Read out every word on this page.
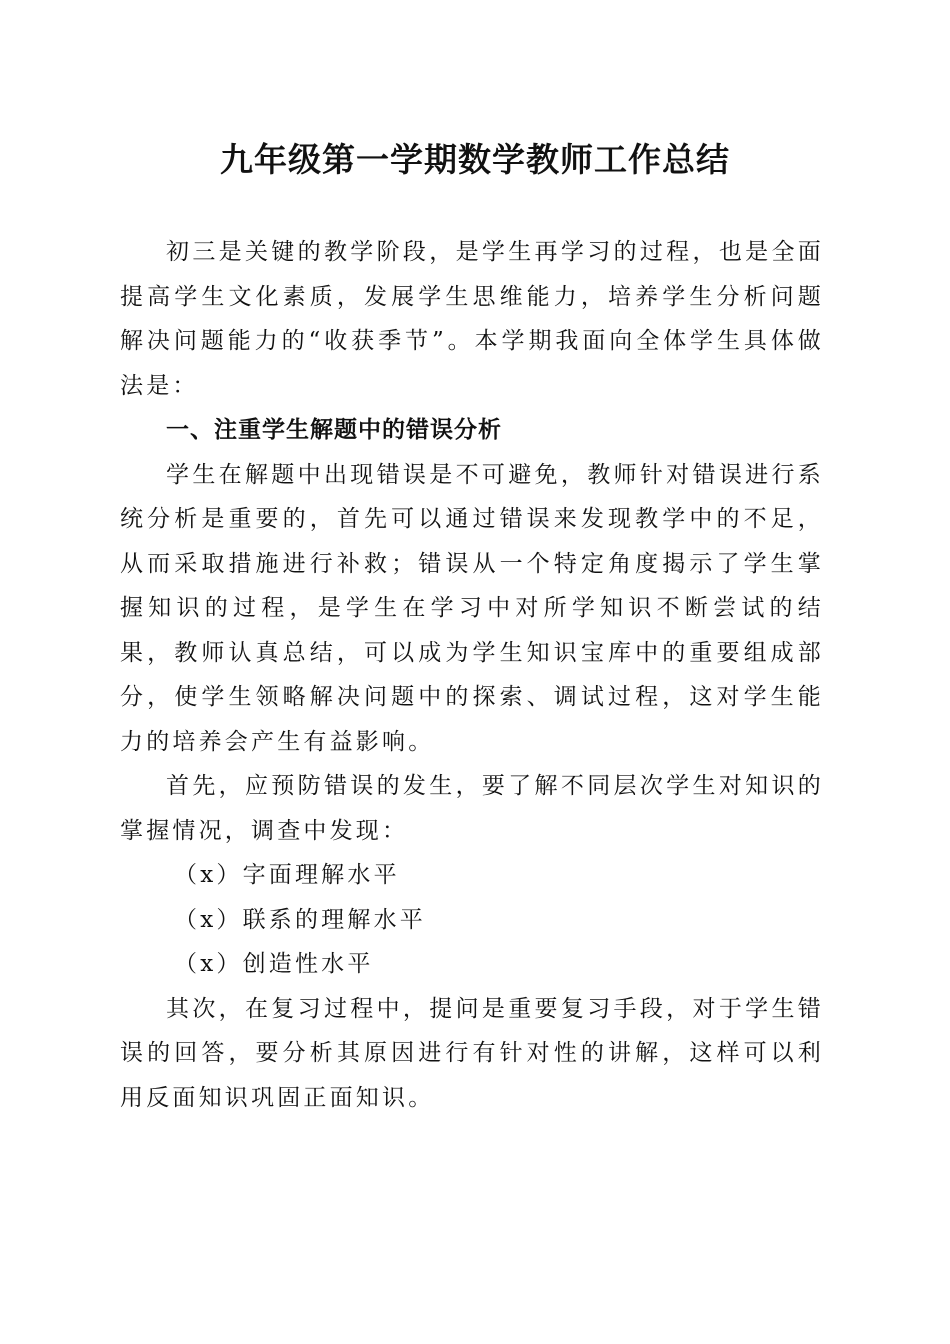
九年级第一学期数学教师工作总结

初三是关键的教学阶段，是学生再学习的过程，也是全面提高学生文化素质，发展学生思维能力，培养学生分析问题解决问题能力的“收获季节”。本学期我面向全体学生具体做法是：

一、注重学生解题中的错误分析

学生在解题中出现错误是不可避免，教师针对错误进行系统分析是重要的，首先可以通过错误来发现教学中的不足，从而采取措施进行补救；错误从一个特定角度揭示了学生掌握知识的过程，是学生在学习中对所学知识不断尝试的结果，教师认真总结，可以成为学生知识宝库中的重要组成部分，使学生领略解决问题中的探索、调试过程，这对学生能力的培养会产生有益影响。

首先，应预防错误的发生，要了解不同层次学生对知识的掌握情况，调查中发现：

（x）字面理解水平

（x）联系的理解水平

（x）创造性水平

其次，在复习过程中，提问是重要复习手段，对于学生错误的回答，要分析其原因进行有针对性的讲解，这样可以利用反面知识巩固正面知识。
